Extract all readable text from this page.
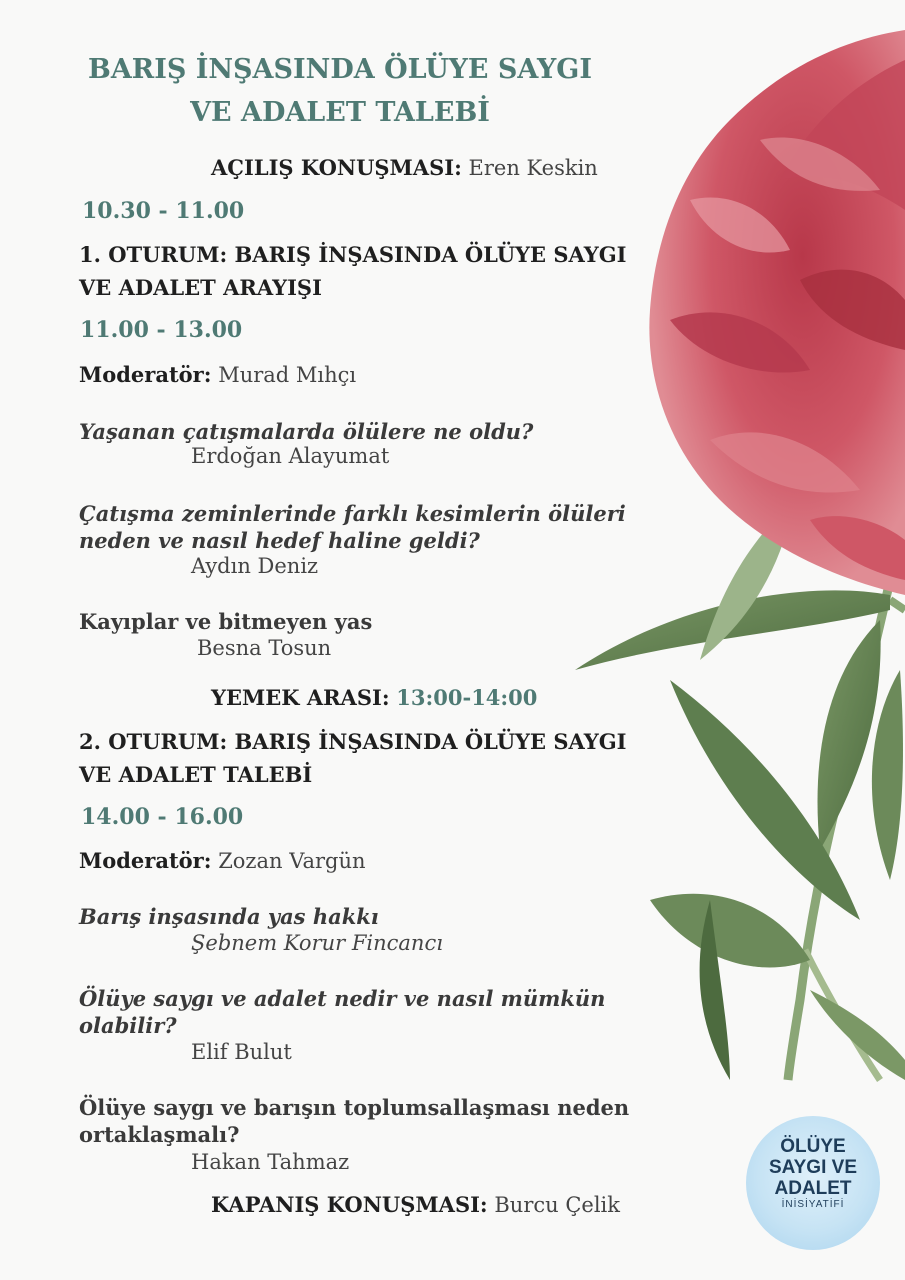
BARIŞ İNŞASINDA ÖLÜYE SAYGI
VE ADALET TALEBİ
AÇILIŞ KONUŞMASI: Eren Keskin
10.30 - 11.00
1. OTURUM: BARIŞ İNŞASINDA ÖLÜYE SAYGI
VE ADALET ARAYIŞI
11.00 - 13.00
Moderatör: Murad Mıhçı
Yaşanan çatışmalarda ölülere ne oldu?
Erdoğan Alayumat
Çatışma zeminlerinde farklı kesimlerin ölüleri
neden ve nasıl hedef haline geldi?
Aydın Deniz
Kayıplar ve bitmeyen yas
Besna Tosun
YEMEK ARASI: 13:00-14:00
2. OTURUM: BARIŞ İNŞASINDA ÖLÜYE SAYGI
VE ADALET TALEBİ
14.00 - 16.00
Moderatör: Zozan Vargün
Barış inşasında yas hakkı
Şebnem Korur Fincancı
Ölüye saygı ve adalet nedir ve nasıl mümkün
olabilir?
Elif Bulut
Ölüye saygı ve barışın toplumsallaşması neden
ortaklaşmalı?
Hakan Tahmaz
KAPANIŞ KONUŞMASI: Burcu Çelik
ÖLÜYE SAYGI VE ADALET
İNİSİYATİFİ
